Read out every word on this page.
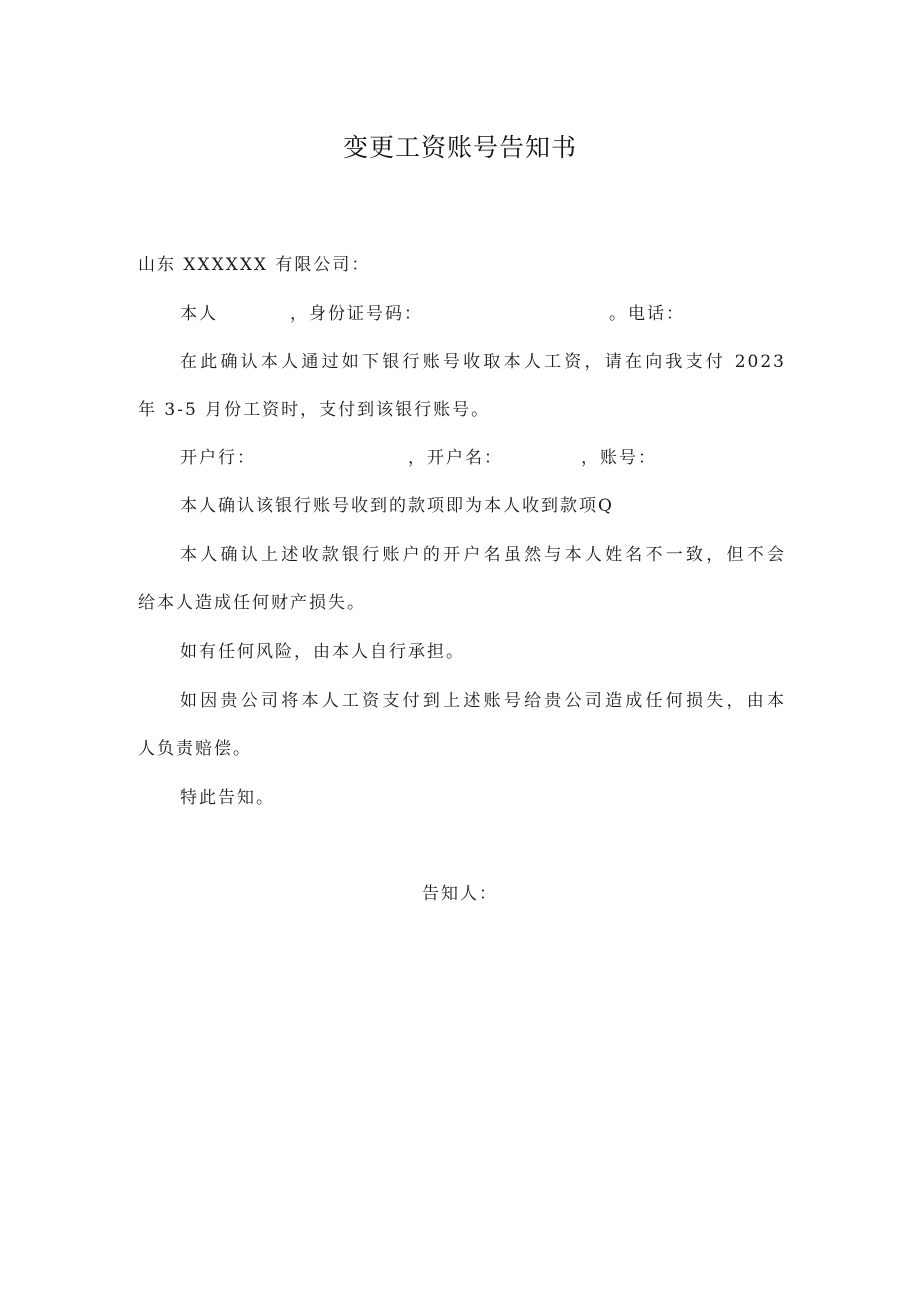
变更工资账号告知书
山东 XXXXXX 有限公司：
本人	，身份证号码：	。电话：
在此确认本人通过如下银行账号收取本人工资，请在向我支付 2023
年 3-5 月份工资时，支付到该银行账号。
开户行：	，开户名：	，账号：
本人确认该银行账号收到的款项即为本人收到款项Q
本人确认上述收款银行账户的开户名虽然与本人姓名不一致，但不会
给本人造成任何财产损失。
如有任何风险，由本人自行承担。
如因贵公司将本人工资支付到上述账号给贵公司造成任何损失，由本
人负责赔偿。
特此告知。
告知人：
